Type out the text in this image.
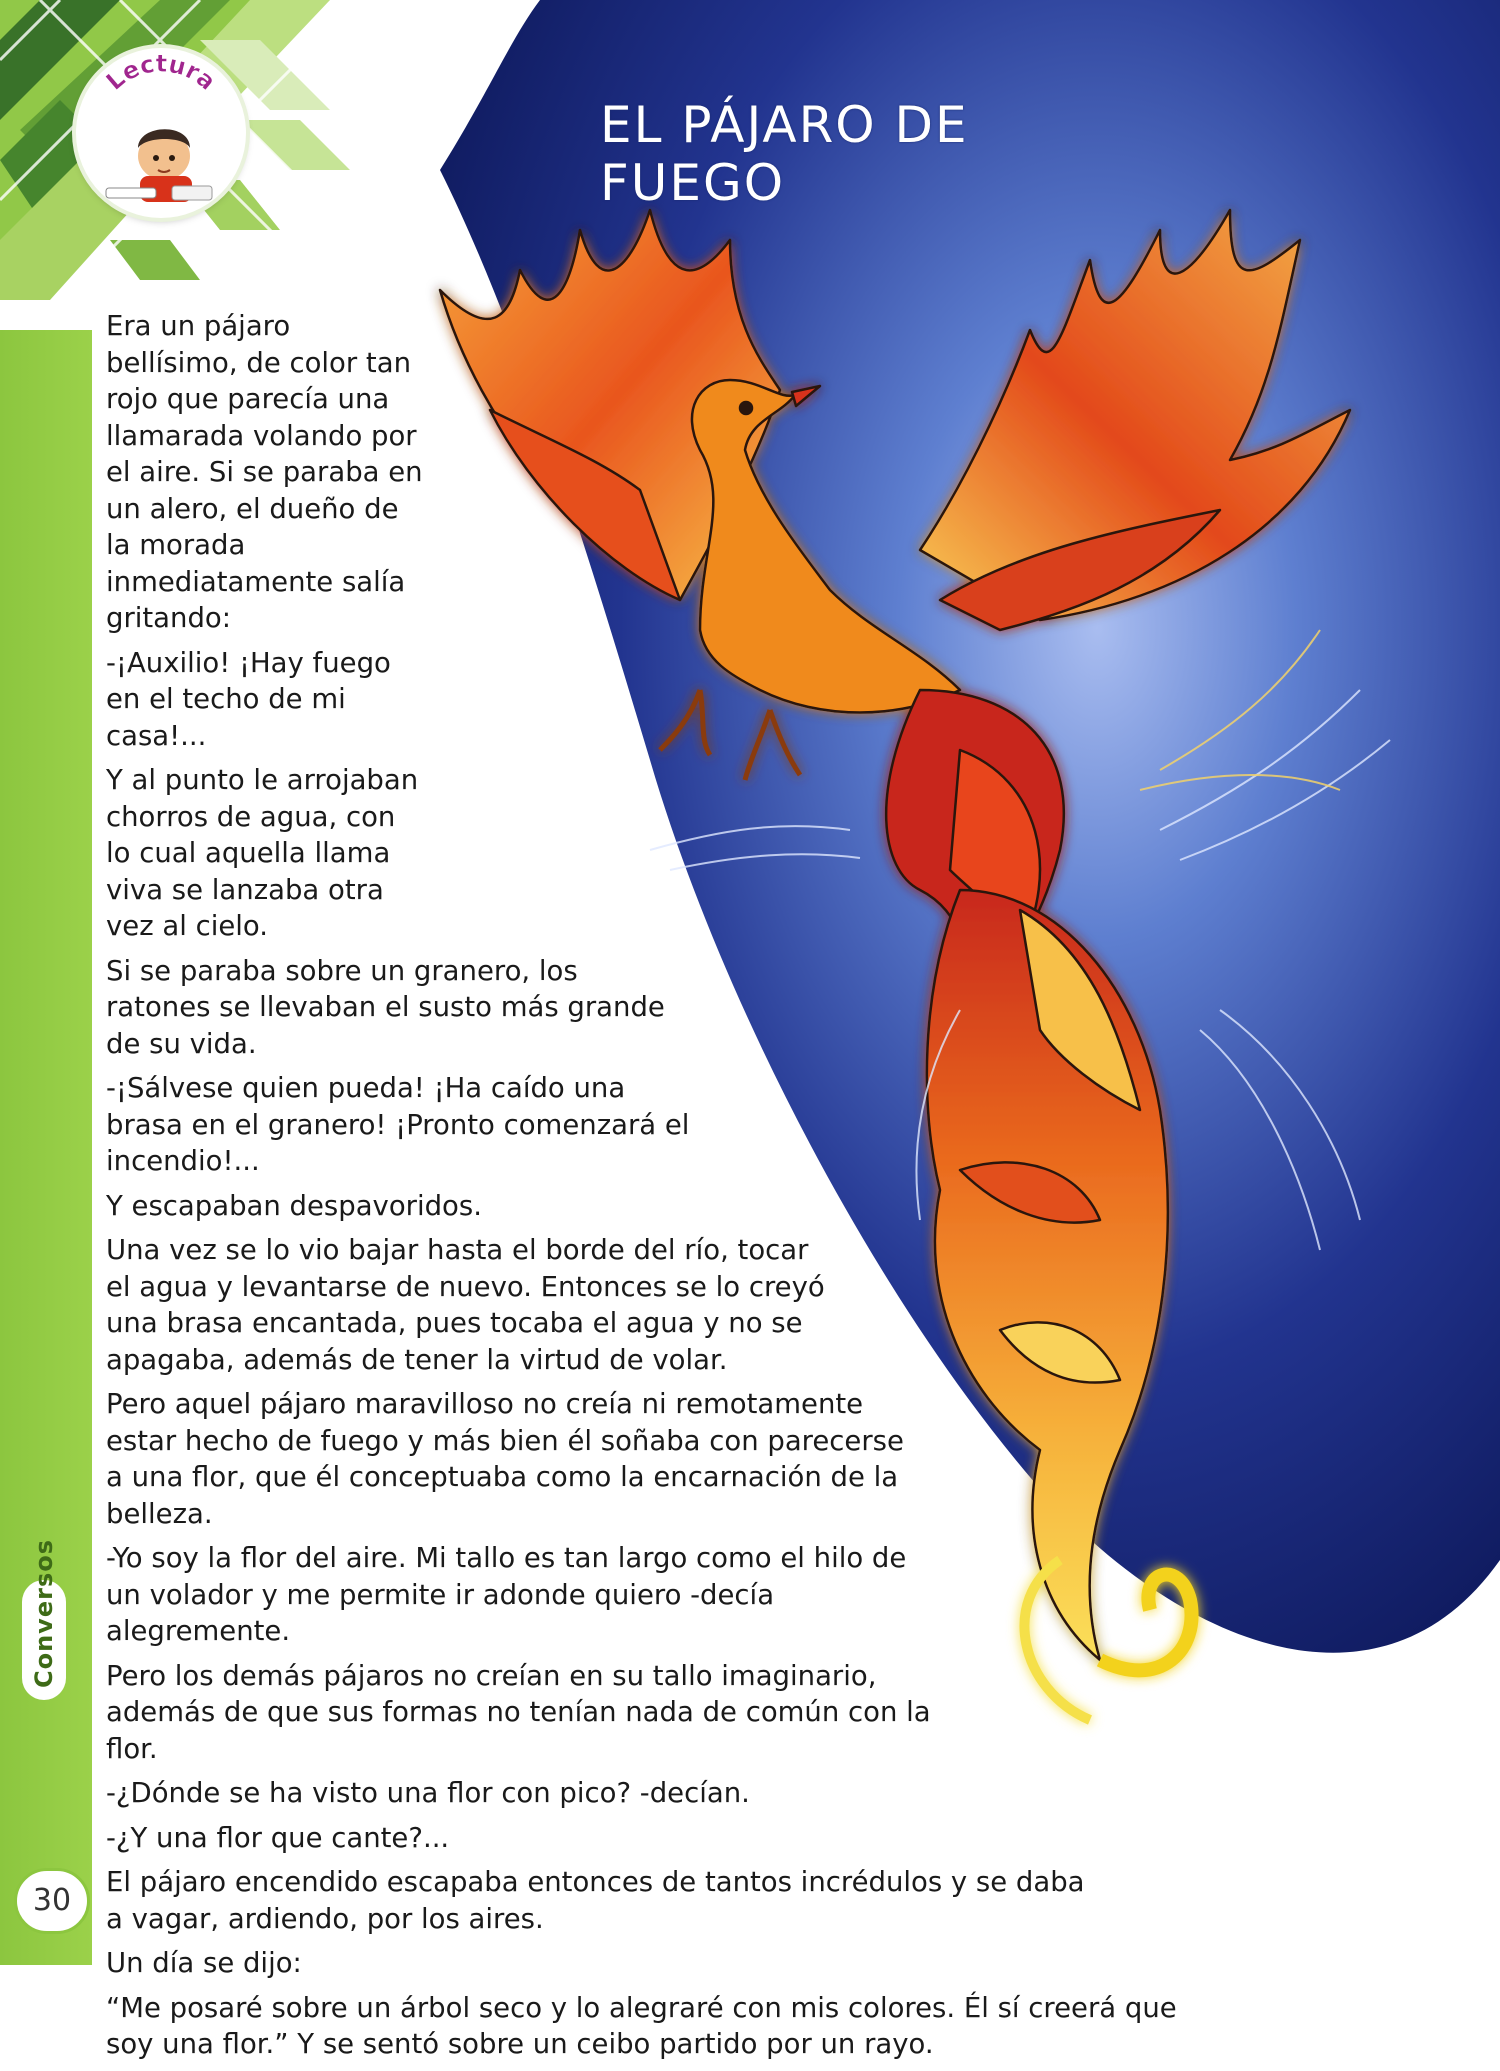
Lectura
EL PÁJARO DE FUEGO

Era un pájaro bellísimo, de color tan rojo que parecía una llamarada volando por el aire. Si se paraba en un alero, el dueño de la morada inmediatamente salía gritando:

-¡Auxilio! ¡Hay fuego en el techo de mi casa!...

Y al punto le arrojaban chorros de agua, con lo cual aquella llama viva se lanzaba otra vez al cielo.

Si se paraba sobre un granero, los ratones se llevaban el susto más grande de su vida.

-¡Sálvese quien pueda! ¡Ha caído una brasa en el granero! ¡Pronto comenzará el incendio!...

Y escapaban despavoridos.

Una vez se lo vio bajar hasta el borde del río, tocar el agua y levantarse de nuevo. Entonces se lo creyó una brasa encantada, pues tocaba el agua y no se apagaba, además de tener la virtud de volar.

Pero aquel pájaro maravilloso no creía ni remotamente estar hecho de fuego y más bien él soñaba con parecerse a una flor, que él conceptuaba como la encarnación de la belleza.

-Yo soy la flor del aire. Mi tallo es tan largo como el hilo de un volador y me permite ir adonde quiero -decía alegremente.

Pero los demás pájaros no creían en su tallo imaginario, además de que sus formas no tenían nada de común con la flor.

-¿Dónde se ha visto una flor con pico? -decían.

-¿Y una flor que cante?...

El pájaro encendido escapaba entonces de tantos incrédulos y se daba a vagar, ardiendo, por los aires.

Un día se dijo:

“Me posaré sobre un árbol seco y lo alegraré con mis colores. Él sí creerá que soy una flor.” Y se sentó sobre un ceibo partido por un rayo.

Conversos
30
